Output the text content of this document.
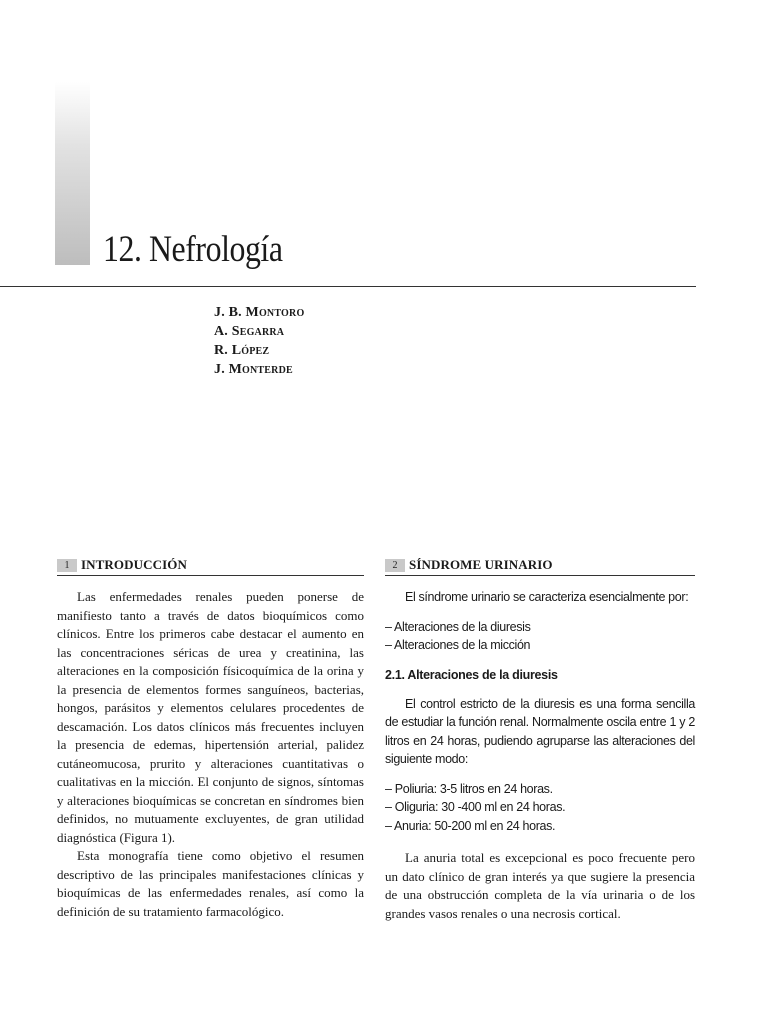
12. Nefrología
J. B. Montoro
A. Segarra
R. López
J. Monterde
1 INTRODUCCIÓN

Las enfermedades renales pueden ponerse de manifiesto tanto a través de datos bioquímicos como clínicos. Entre los primeros cabe destacar el aumento en las concentraciones séricas de urea y creatinina, las alteraciones en la composición físicoquímica de la orina y la presencia de elementos formes sanguíneos, bacterias, hongos, parásitos y elementos celulares procedentes de descamación. Los datos clínicos más frecuentes incluyen la presencia de edemas, hipertensión arterial, palidez cutáneomucosa, prurito y alteraciones cuantitativas o cualitativas en la micción. El conjunto de signos, síntomas y alteraciones bioquímicas se concretan en síndromes bien definidos, no mutuamente excluyentes, de gran utilidad diagnóstica (Figura 1).

Esta monografía tiene como objetivo el resumen descriptivo de las principales manifestaciones clínicas y bioquímicas de las enfermedades renales, así como la definición de su tratamiento farmacológico.

2 SÍNDROME URINARIO

El síndrome urinario se caracteriza esencialmente por:

– Alteraciones de la diuresis
– Alteraciones de la micción

2.1. Alteraciones de la diuresis

El control estricto de la diuresis es una forma sencilla de estudiar la función renal. Normalmente oscila entre 1 y 2 litros en 24 horas, pudiendo agruparse las alteraciones del siguiente modo:

– Poliuria: 3-5 litros en 24 horas.
– Oliguria: 30 -400 ml en 24 horas.
– Anuria: 50-200 ml en 24 horas.

La anuria total es excepcional es poco frecuente pero un dato clínico de gran interés ya que sugiere la presencia de una obstrucción completa de la vía urinaria o de los grandes vasos renales o una necrosis cortical.
